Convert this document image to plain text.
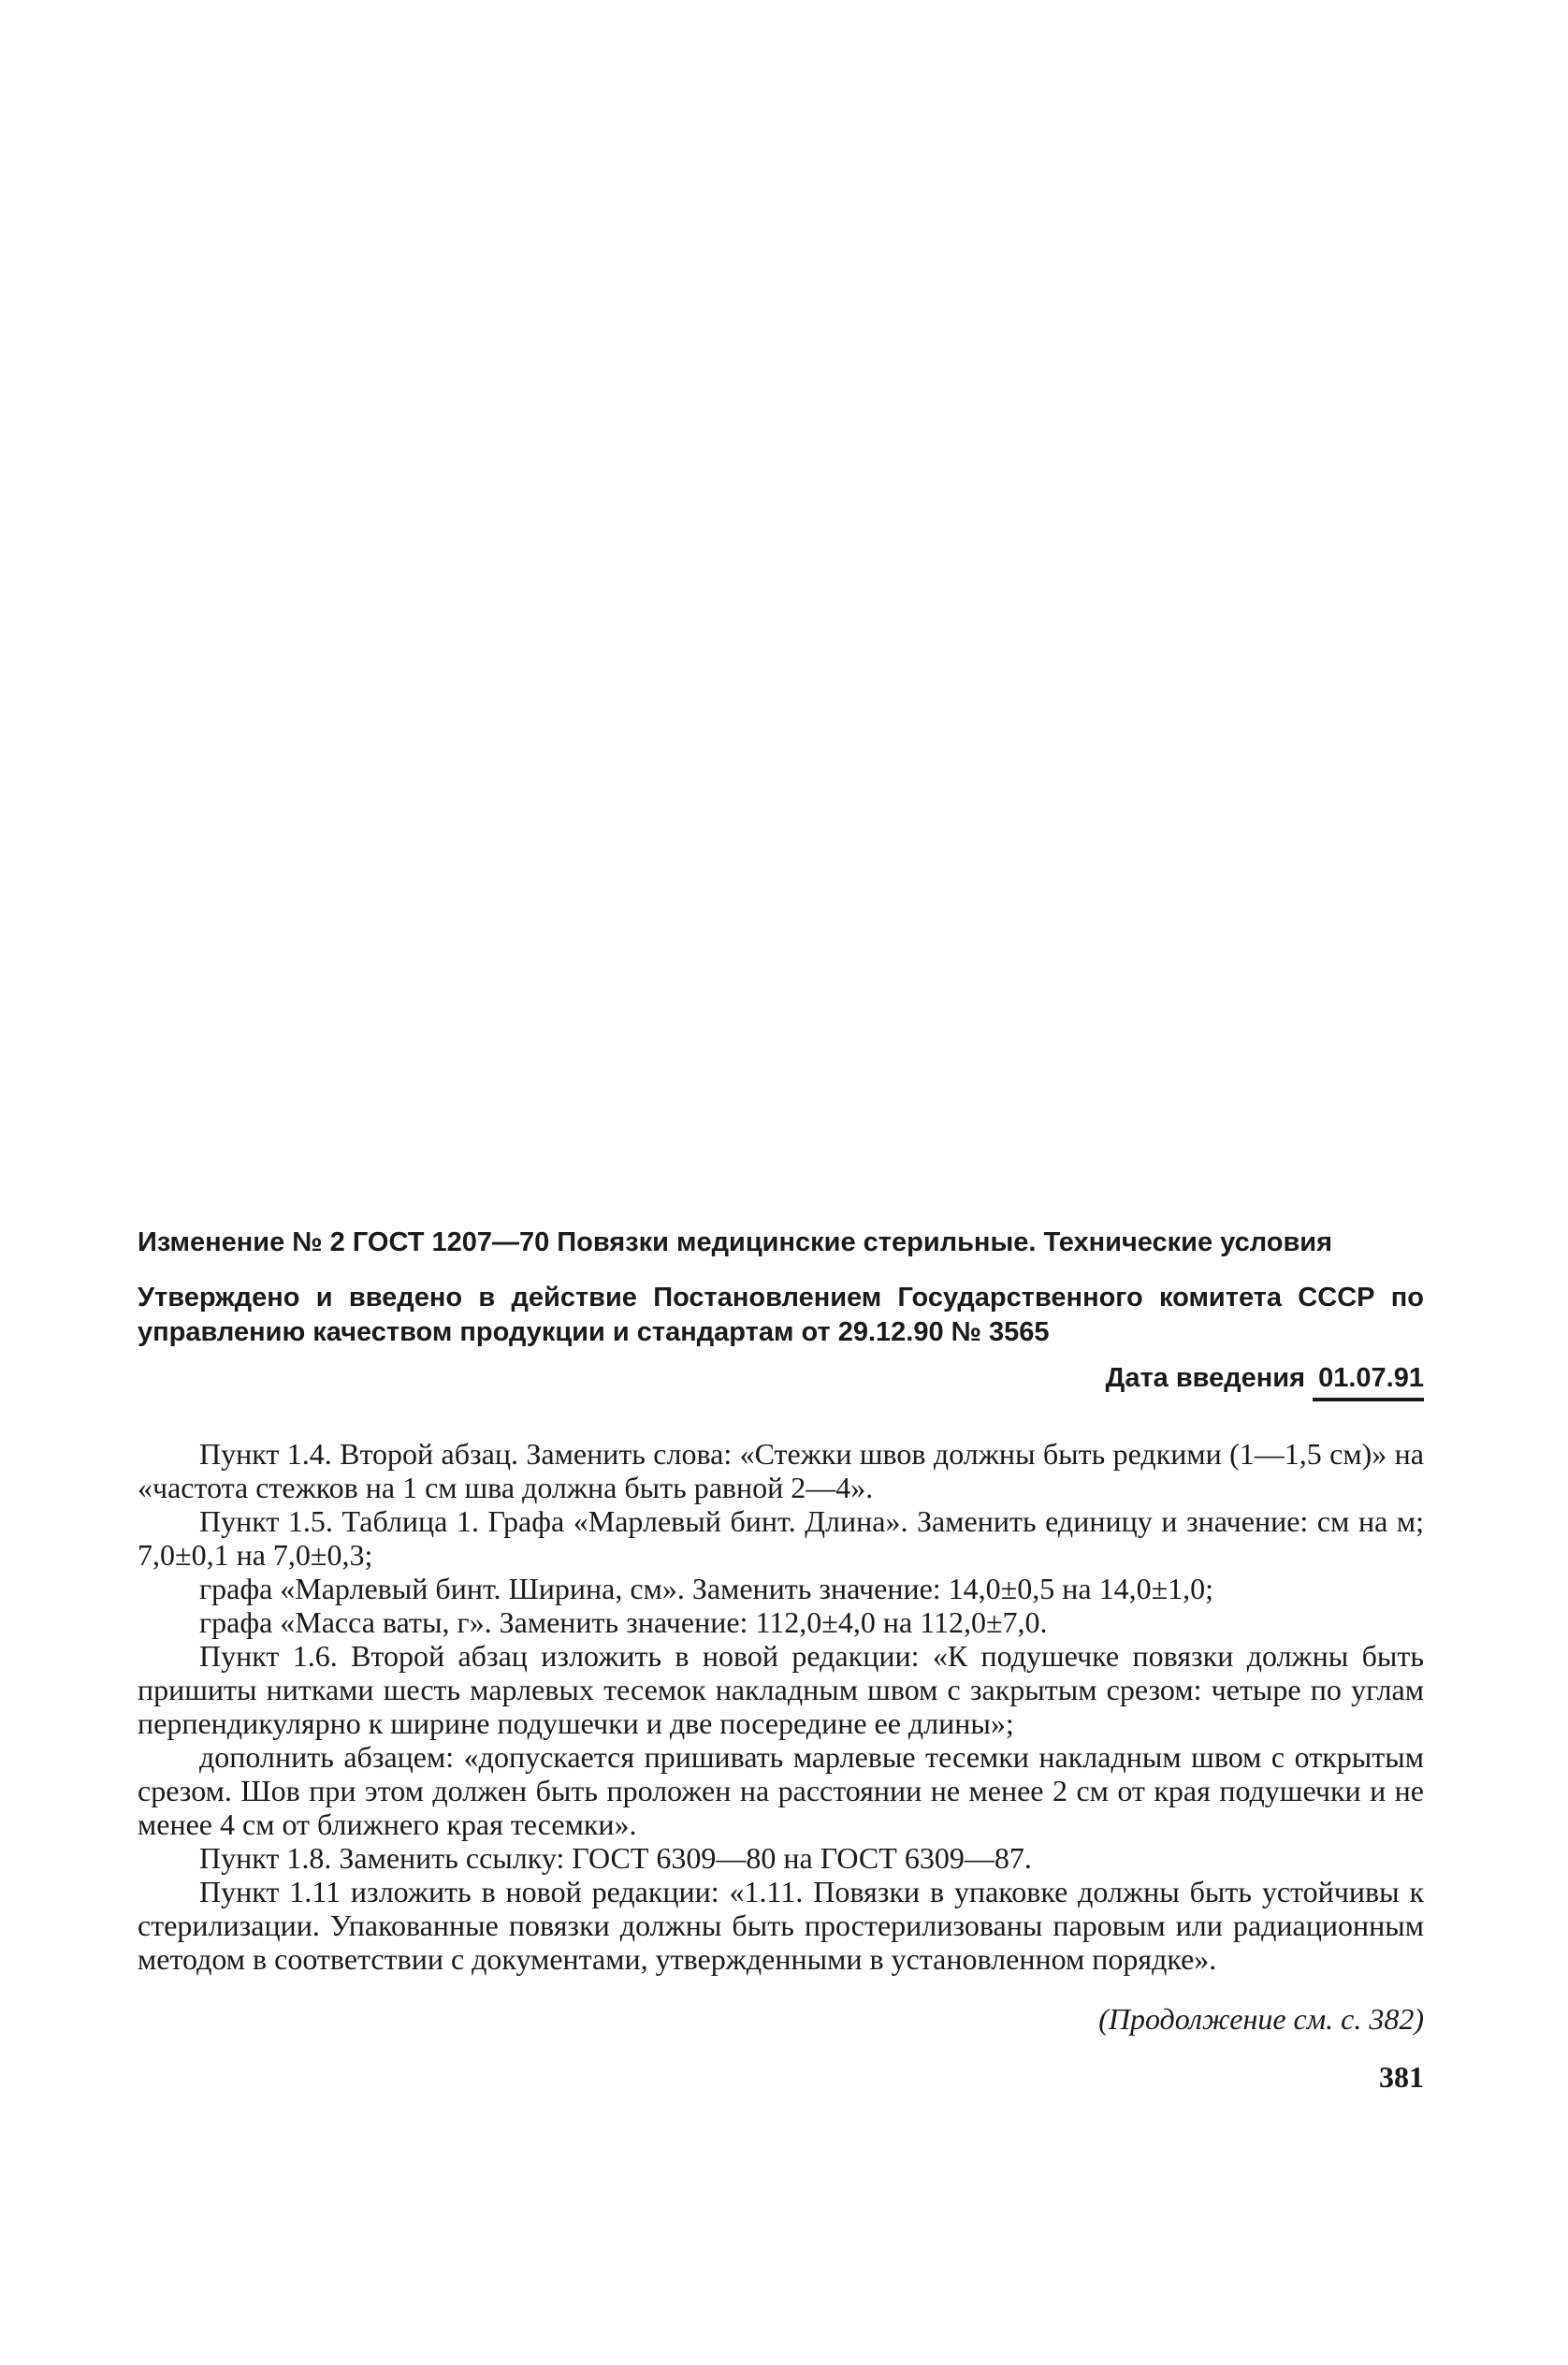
Изменение № 2 ГОСТ 1207—70 Повязки медицинские стерильные. Технические условия

Утверждено и введено в действие Постановлением Государственного комитета СССР по управлению качеством продукции и стандартам от 29.12.90 № 3565

Дата введения 01.07.91

Пункт 1.4. Второй абзац. Заменить слова: «Стежки швов должны быть редкими (1—1,5 см)» на «частота стежков на 1 см шва должна быть равной 2—4».

Пункт 1.5. Таблица 1. Графа «Марлевый бинт. Длина». Заменить единицу и значение: см на м; 7,0±0,1 на 7,0±0,3;

графа «Марлевый бинт. Ширина, см». Заменить значение: 14,0±0,5 на 14,0±1,0;

графа «Масса ваты, г». Заменить значение: 112,0±4,0 на 112,0±7,0.

Пункт 1.6. Второй абзац изложить в новой редакции: «К подушечке повязки должны быть пришиты нитками шесть марлевых тесемок накладным швом с закрытым срезом: четыре по углам перпендикулярно к ширине подушечки и две посередине ее длины»;

дополнить абзацем: «допускается пришивать марлевые тесемки накладным швом с открытым срезом. Шов при этом должен быть проложен на расстоянии не менее 2 см от края подушечки и не менее 4 см от ближнего края тесемки».

Пункт 1.8. Заменить ссылку: ГОСТ 6309—80 на ГОСТ 6309—87.

Пункт 1.11 изложить в новой редакции: «1.11. Повязки в упаковке должны быть устойчивы к стерилизации. Упакованные повязки должны быть простерилизованы паровым или радиационным методом в соответствии с документами, утвержденными в установленном порядке».

(Продолжение см. с. 382)
381
